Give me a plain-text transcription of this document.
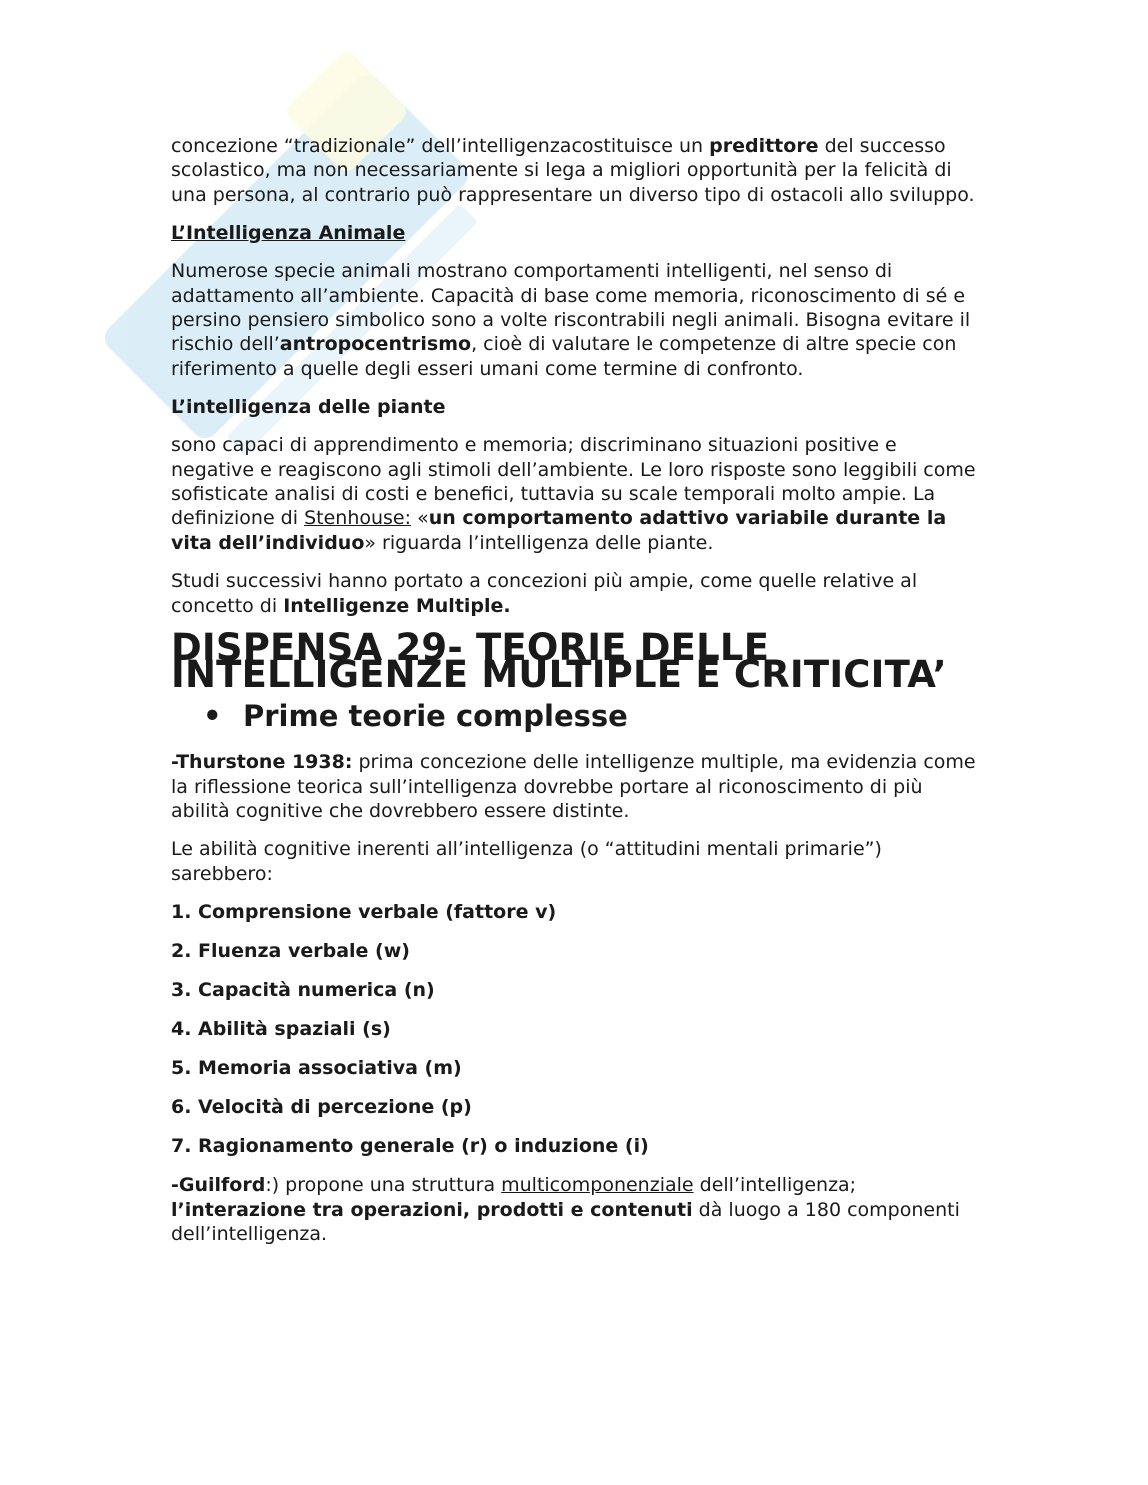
concezione “tradizionale” dell’intelligenzacostituisce un predittore del successo scolastico, ma non necessariamente si lega a migliori opportunità per la felicità di una persona, al contrario può rappresentare un diverso tipo di ostacoli allo sviluppo.

L’Intelligenza Animale

Numerose specie animali mostrano comportamenti intelligenti, nel senso di adattamento all’ambiente. Capacità di base come memoria, riconoscimento di sé e persino pensiero simbolico sono a volte riscontrabili negli animali. Bisogna evitare il rischio dell’antropocentrismo, cioè di valutare le competenze di altre specie con riferimento a quelle degli esseri umani come termine di confronto.

L’intelligenza delle piante

sono capaci di apprendimento e memoria; discriminano situazioni positive e negative e reagiscono agli stimoli dell’ambiente. Le loro risposte sono leggibili come sofisticate analisi di costi e benefici, tuttavia su scale temporali molto ampie. La definizione di Stenhouse: «un comportamento adattivo variabile durante la vita dell’individuo» riguarda l’intelligenza delle piante.

Studi successivi hanno portato a concezioni più ampie, come quelle relative al concetto di Intelligenze Multiple.

DISPENSA 29- TEORIE DELLE INTELLIGENZE MULTIPLE E CRITICITA’
• Prime teorie complesse

-Thurstone 1938: prima concezione delle intelligenze multiple, ma evidenzia come la riflessione teorica sull’intelligenza dovrebbe portare al riconoscimento di più abilità cognitive che dovrebbero essere distinte.

Le abilità cognitive inerenti all’intelligenza (o “attitudini mentali primarie”) sarebbero:

1. Comprensione verbale (fattore v)
2. Fluenza verbale (w)
3. Capacità numerica (n)
4. Abilità spaziali (s)
5. Memoria associativa (m)
6. Velocità di percezione (p)
7. Ragionamento generale (r) o induzione (i)

-Guilford:) propone una struttura multicomponenziale dell’intelligenza; l’interazione tra operazioni, prodotti e contenuti dà luogo a 180 componenti dell’intelligenza.
